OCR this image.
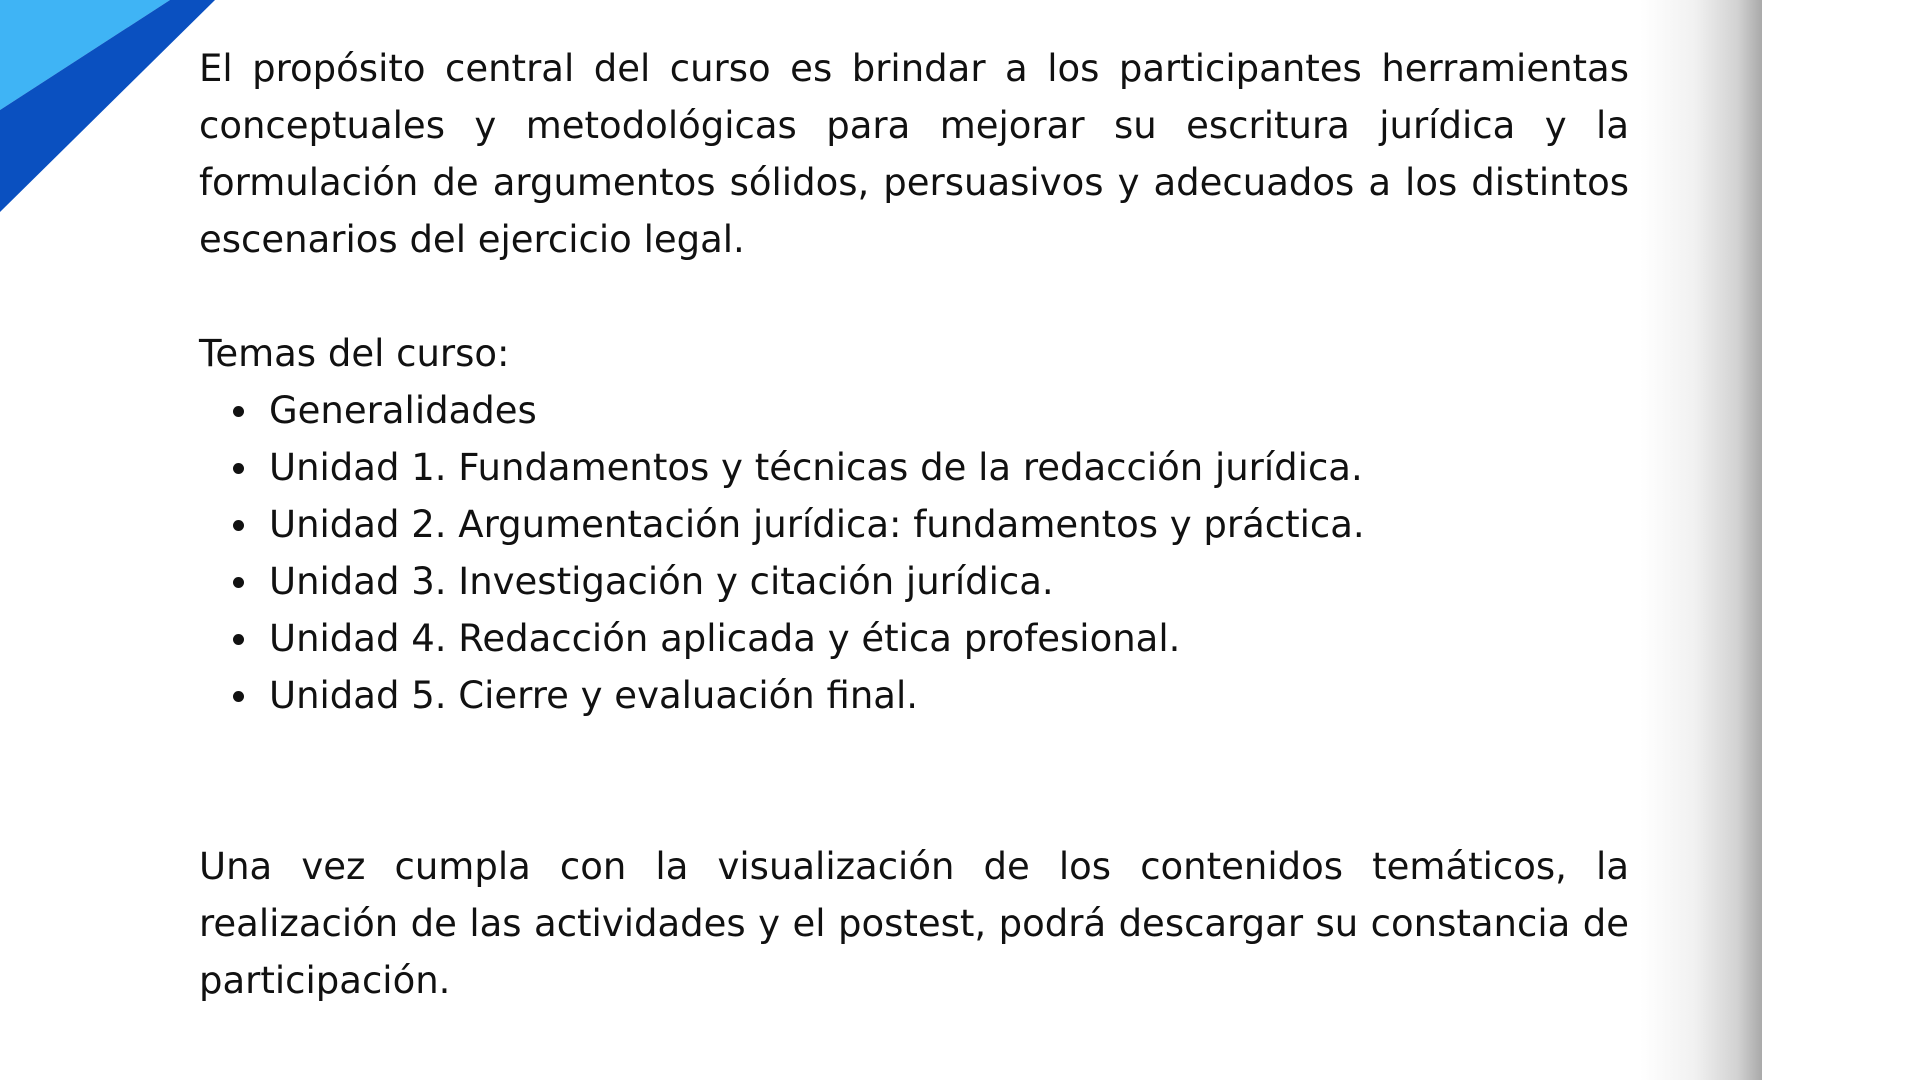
El propósito central del curso es brindar a los participantes herramientas conceptuales y metodológicas para mejorar su escritura jurídica y la formulación de argumentos sólidos, persuasivos y adecuados a los distintos escenarios del ejercicio legal.

Temas del curso:

Generalidades
Unidad 1. Fundamentos y técnicas de la redacción jurídica.
Unidad 2. Argumentación jurídica: fundamentos y práctica.
Unidad 3. Investigación y citación jurídica.
Unidad 4. Redacción aplicada y ética profesional.
Unidad 5. Cierre y evaluación final.

Una vez cumpla con la visualización de los contenidos temáticos, la realización de las actividades y el postest, podrá descargar su constancia de participación.
